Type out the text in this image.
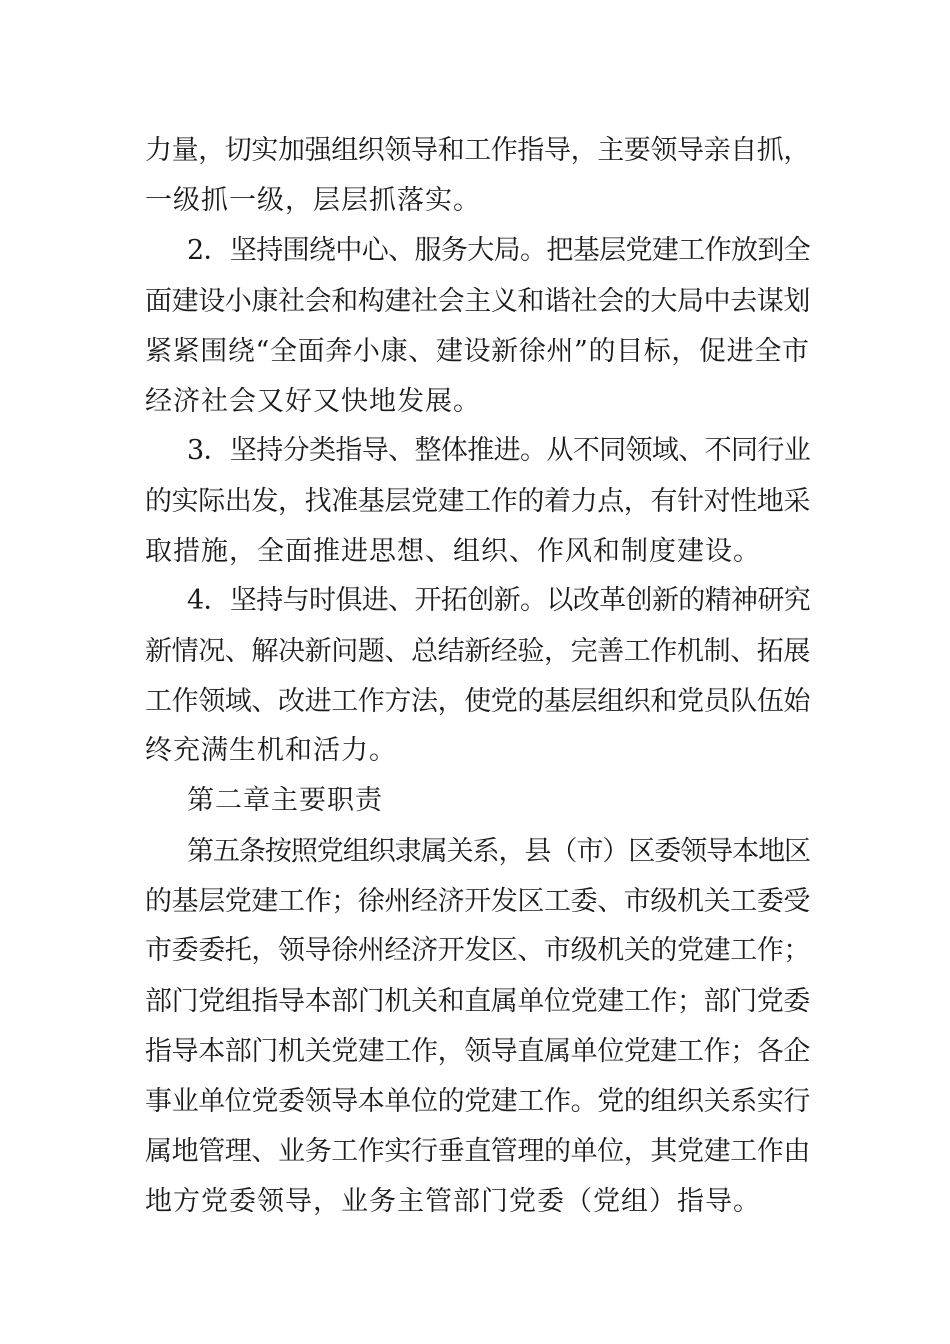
力量，切实加强组织领导和工作指导，主要领导亲自抓，
一级抓一级，层层抓落实。
2．坚持围绕中心、服务大局。把基层党建工作放到全
面建设小康社会和构建社会主义和谐社会的大局中去谋划
紧紧围绕“全面奔小康、建设新徐州”的目标，促进全市
经济社会又好又快地发展。
3．坚持分类指导、整体推进。从不同领域、不同行业
的实际出发，找准基层党建工作的着力点，有针对性地采
取措施，全面推进思想、组织、作风和制度建设。
4．坚持与时俱进、开拓创新。以改革创新的精神研究
新情况、解决新问题、总结新经验，完善工作机制、拓展
工作领域、改进工作方法，使党的基层组织和党员队伍始
终充满生机和活力。
第二章主要职责
第五条按照党组织隶属关系，县（市）区委领导本地区
的基层党建工作；徐州经济开发区工委、市级机关工委受
市委委托，领导徐州经济开发区、市级机关的党建工作；
部门党组指导本部门机关和直属单位党建工作；部门党委
指导本部门机关党建工作，领导直属单位党建工作；各企
事业单位党委领导本单位的党建工作。党的组织关系实行
属地管理、业务工作实行垂直管理的单位，其党建工作由
地方党委领导，业务主管部门党委（党组）指导。
